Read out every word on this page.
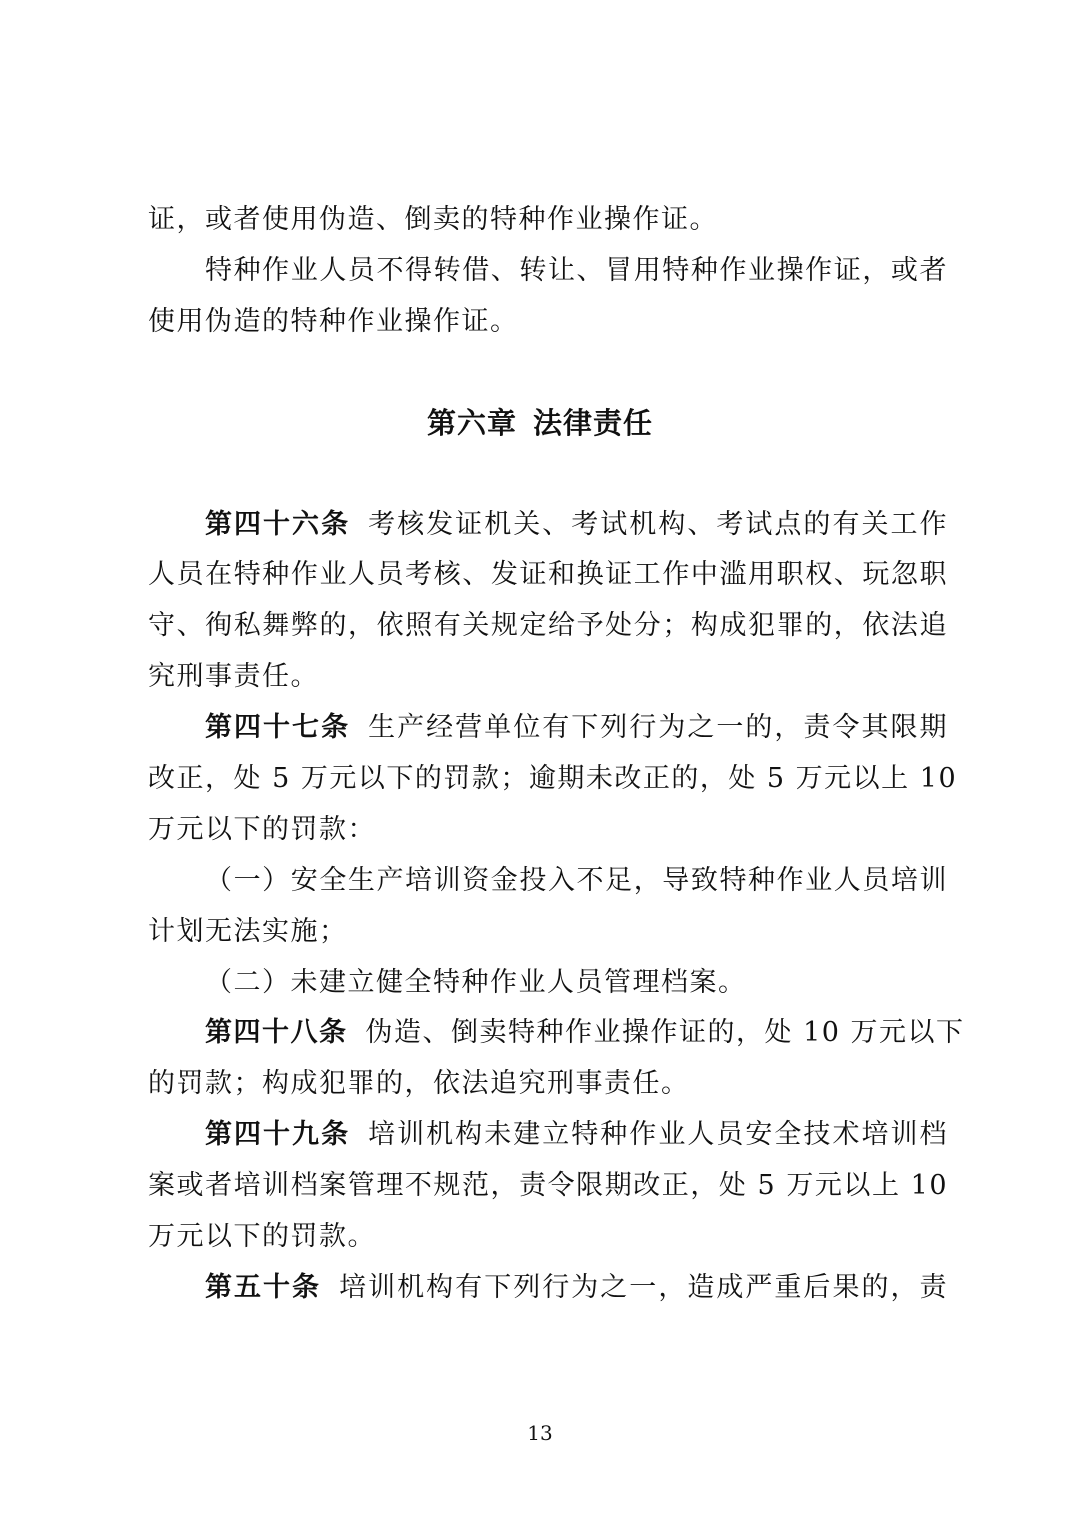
证，或者使用伪造、倒卖的特种作业操作证。
特种作业人员不得转借、转让、冒用特种作业操作证，或者
使用伪造的特种作业操作证。
第六章 法律责任
第四十六条 考核发证机关、考试机构、考试点的有关工作
人员在特种作业人员考核、发证和换证工作中滥用职权、玩忽职
守、徇私舞弊的，依照有关规定给予处分；构成犯罪的，依法追
究刑事责任。
第四十七条 生产经营单位有下列行为之一的，责令其限期
改正，处 5 万元以下的罚款；逾期未改正的，处 5 万元以上 10
万元以下的罚款：
（一）安全生产培训资金投入不足，导致特种作业人员培训
计划无法实施；
（二）未建立健全特种作业人员管理档案。
第四十八条 伪造、倒卖特种作业操作证的，处 10 万元以下
的罚款；构成犯罪的，依法追究刑事责任。
第四十九条 培训机构未建立特种作业人员安全技术培训档
案或者培训档案管理不规范，责令限期改正，处 5 万元以上 10
万元以下的罚款。
第五十条 培训机构有下列行为之一，造成严重后果的，责
13
